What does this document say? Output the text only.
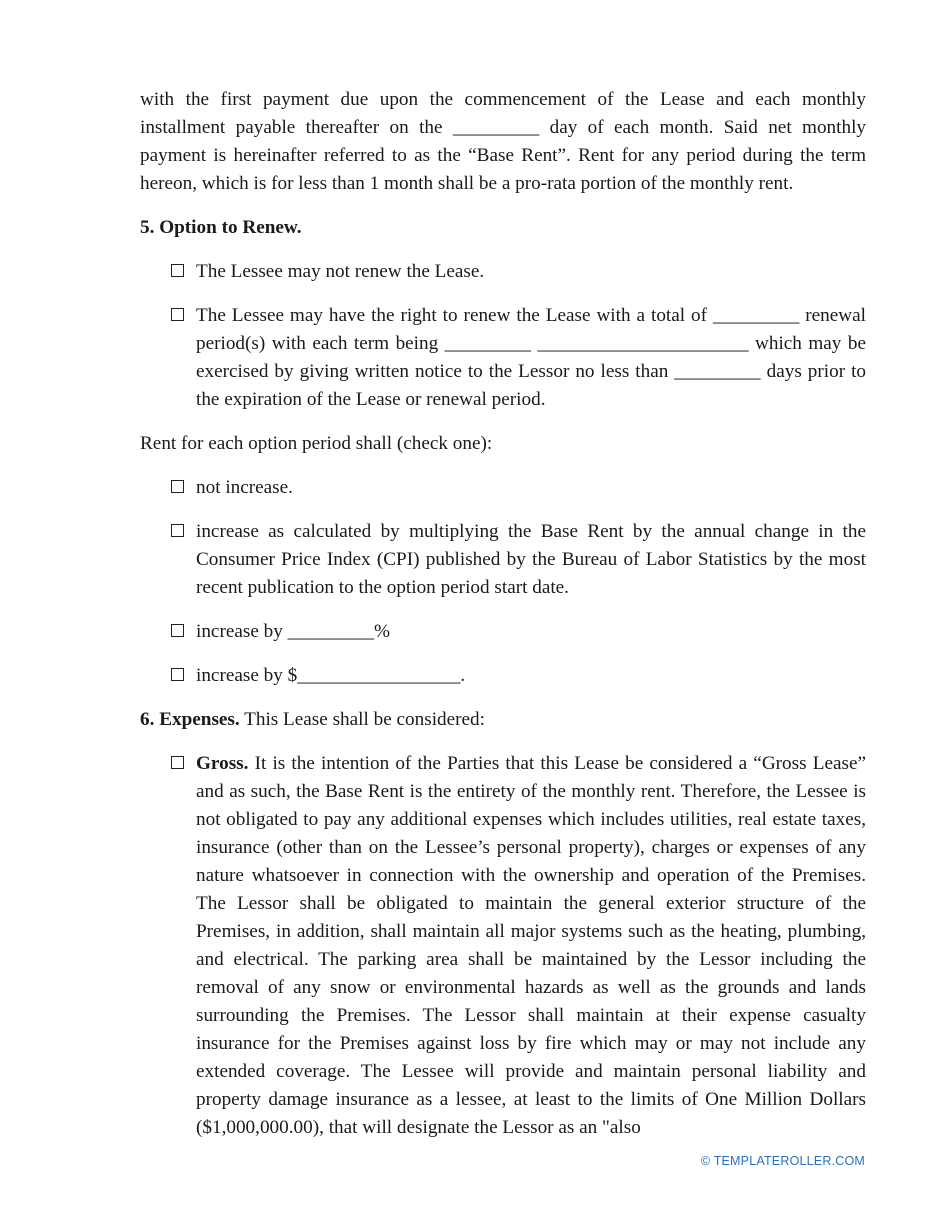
with the first payment due upon the commencement of the Lease and each monthly installment payable thereafter on the _________ day of each month. Said net monthly payment is hereinafter referred to as the “Base Rent”. Rent for any period during the term hereon, which is for less than 1 month shall be a pro-rata portion of the monthly rent.

5. Option to Renew.

The Lessee may not renew the Lease.

The Lessee may have the right to renew the Lease with a total of _________ renewal period(s) with each term being _________ ______________________ which may be exercised by giving written notice to the Lessor no less than _________ days prior to the expiration of the Lease or renewal period.

Rent for each option period shall (check one):

not increase.

increase as calculated by multiplying the Base Rent by the annual change in the Consumer Price Index (CPI) published by the Bureau of Labor Statistics by the most recent publication to the option period start date.

increase by _________%

increase by $_________________.

6. Expenses. This Lease shall be considered:

Gross. It is the intention of the Parties that this Lease be considered a “Gross Lease” and as such, the Base Rent is the entirety of the monthly rent. Therefore, the Lessee is not obligated to pay any additional expenses which includes utilities, real estate taxes, insurance (other than on the Lessee’s personal property), charges or expenses of any nature whatsoever in connection with the ownership and operation of the Premises. The Lessor shall be obligated to maintain the general exterior structure of the Premises, in addition, shall maintain all major systems such as the heating, plumbing, and electrical. The parking area shall be maintained by the Lessor including the removal of any snow or environmental hazards as well as the grounds and lands surrounding the Premises. The Lessor shall maintain at their expense casualty insurance for the Premises against loss by fire which may or may not include any extended coverage. The Lessee will provide and maintain personal liability and property damage insurance as a lessee, at least to the limits of One Million Dollars ($1,000,000.00), that will designate the Lessor as an "also

© TEMPLATEROLLER.COM
